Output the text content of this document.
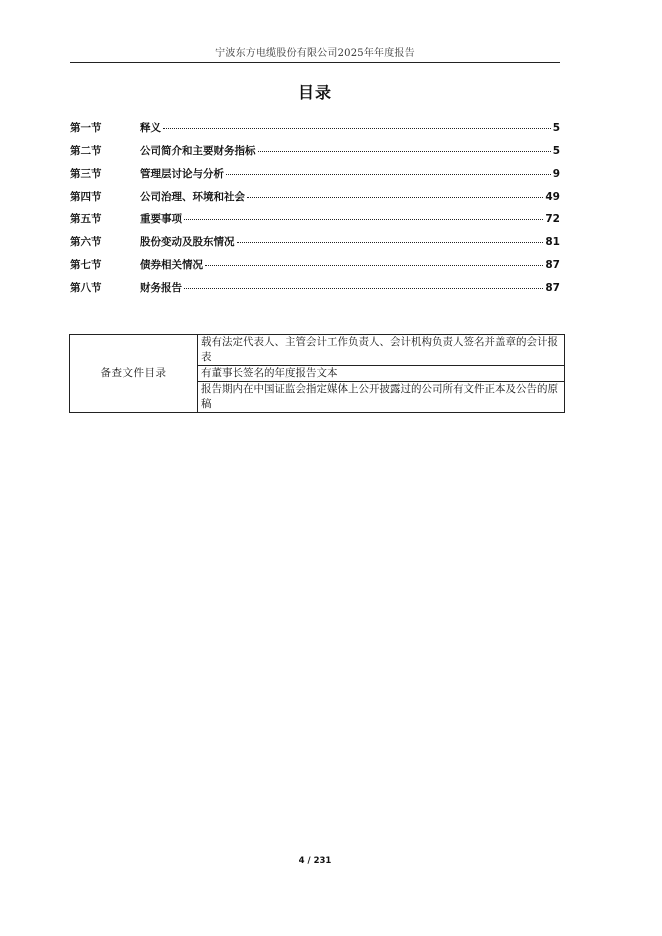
宁波东方电缆股份有限公司2025年年度报告
目录
第一节	释义	5
第二节	公司简介和主要财务指标	5
第三节	管理层讨论与分析	9
第四节	公司治理、环境和社会	49
第五节	重要事项	72
第六节	股份变动及股东情况	81
第七节	债券相关情况	87
第八节	财务报告	87
备查文件目录	载有法定代表人、主管会计工作负责人、会计机构负责人签名并盖章的会计报表
有董事长签名的年度报告文本
报告期内在中国证监会指定媒体上公开披露过的公司所有文件正本及公告的原稿
4 / 231
